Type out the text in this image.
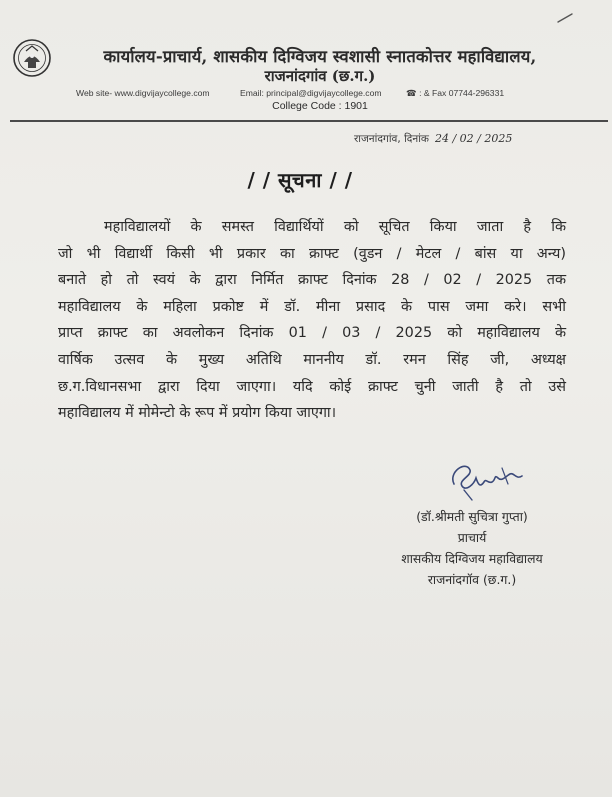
कार्यालय-प्राचार्य, शासकीय दिग्विजय स्वशासी स्नातकोत्तर महाविद्यालय,
राजनांदगांव (छ.ग.)
Web site- www.digvijaycollege.com	Email: principal@digvijaycollege.com	☎ : & Fax 07744-296331
College Code : 1901
राजनांदगांव, दिनांक 24 / 02 / 2025
/ / सूचना / /
महाविद्यालयों के समस्त विद्यार्थियों को सूचित किया जाता है कि
जो भी विद्यार्थी किसी भी प्रकार का क्राफ्ट (वुडन / मेटल / बांस या अन्य)
बनाते हो तो स्वयं के द्वारा निर्मित क्राफ्ट दिनांक 28 / 02 / 2025 तक
महाविद्यालय के महिला प्रकोष्ट में डॉ. मीना प्रसाद के पास जमा करे। सभी
प्राप्त क्राफ्ट का अवलोकन दिनांक 01 / 03 / 2025 को महाविद्यालय के
वार्षिक उत्सव के मुख्य अतिथि माननीय डॉ. रमन सिंह जी, अध्यक्ष
छ.ग.विधानसभा द्वारा दिया जाएगा। यदि कोई क्राफ्ट चुनी जाती है तो उसे
महाविद्यालय में मोमेन्टो के रूप में प्रयोग किया जाएगा।
(डॉ.श्रीमती सुचित्रा गुप्ता)
प्राचार्य
शासकीय दिग्विजय महाविद्यालय
राजनांदगॉव (छ.ग.)
